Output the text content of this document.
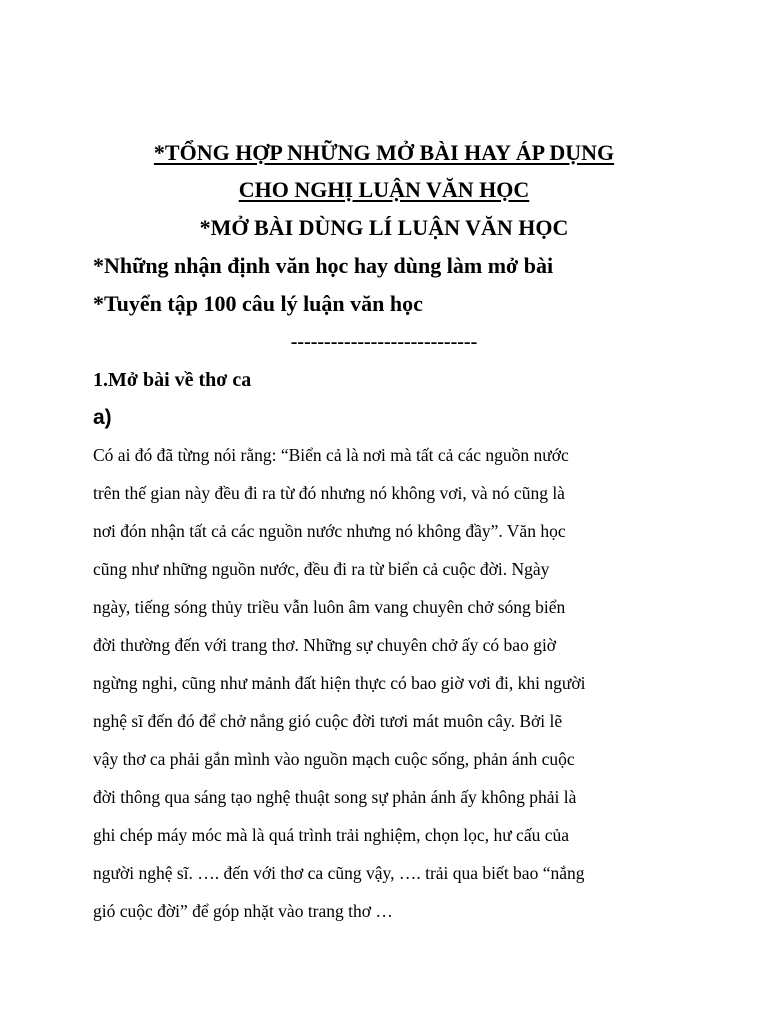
*TỔNG HỢP NHỮNG MỞ BÀI HAY ÁP DỤNG
CHO NGHỊ LUẬN VĂN HỌC
*MỞ BÀI DÙNG LÍ LUẬN VĂN HỌC
*Những nhận định văn học hay dùng làm mở bài
*Tuyển tập 100 câu lý luận văn học
----------------------------
1.Mở bài về thơ ca
a)
Có ai đó đã từng nói rằng: “Biển cả là nơi mà tất cả các nguồn nước
trên thế gian này đều đi ra từ đó nhưng nó không vơi, và nó cũng là
nơi đón nhận tất cả các nguồn nước nhưng nó không đầy”. Văn học
cũng như những nguồn nước, đều đi ra từ biển cả cuộc đời. Ngày
ngày, tiếng sóng thủy triều vẫn luôn âm vang chuyên chở sóng biển
đời thường đến với trang thơ. Những sự chuyên chở ấy có bao giờ
ngừng nghi, cũng như mảnh đất hiện thực có bao giờ vơi đi, khi người
nghệ sĩ đến đó để chở nắng gió cuộc đời tươi mát muôn cây. Bởi lẽ
vậy thơ ca phải gắn mình vào nguồn mạch cuộc sống, phản ánh cuộc
đời thông qua sáng tạo nghệ thuật song sự phản ánh ấy không phải là
ghi chép máy móc mà là quá trình trải nghiệm, chọn lọc, hư cấu của
người nghệ sĩ. …. đến với thơ ca cũng vậy, …. trải qua biết bao “nắng
gió cuộc đời” để góp nhặt vào trang thơ …
